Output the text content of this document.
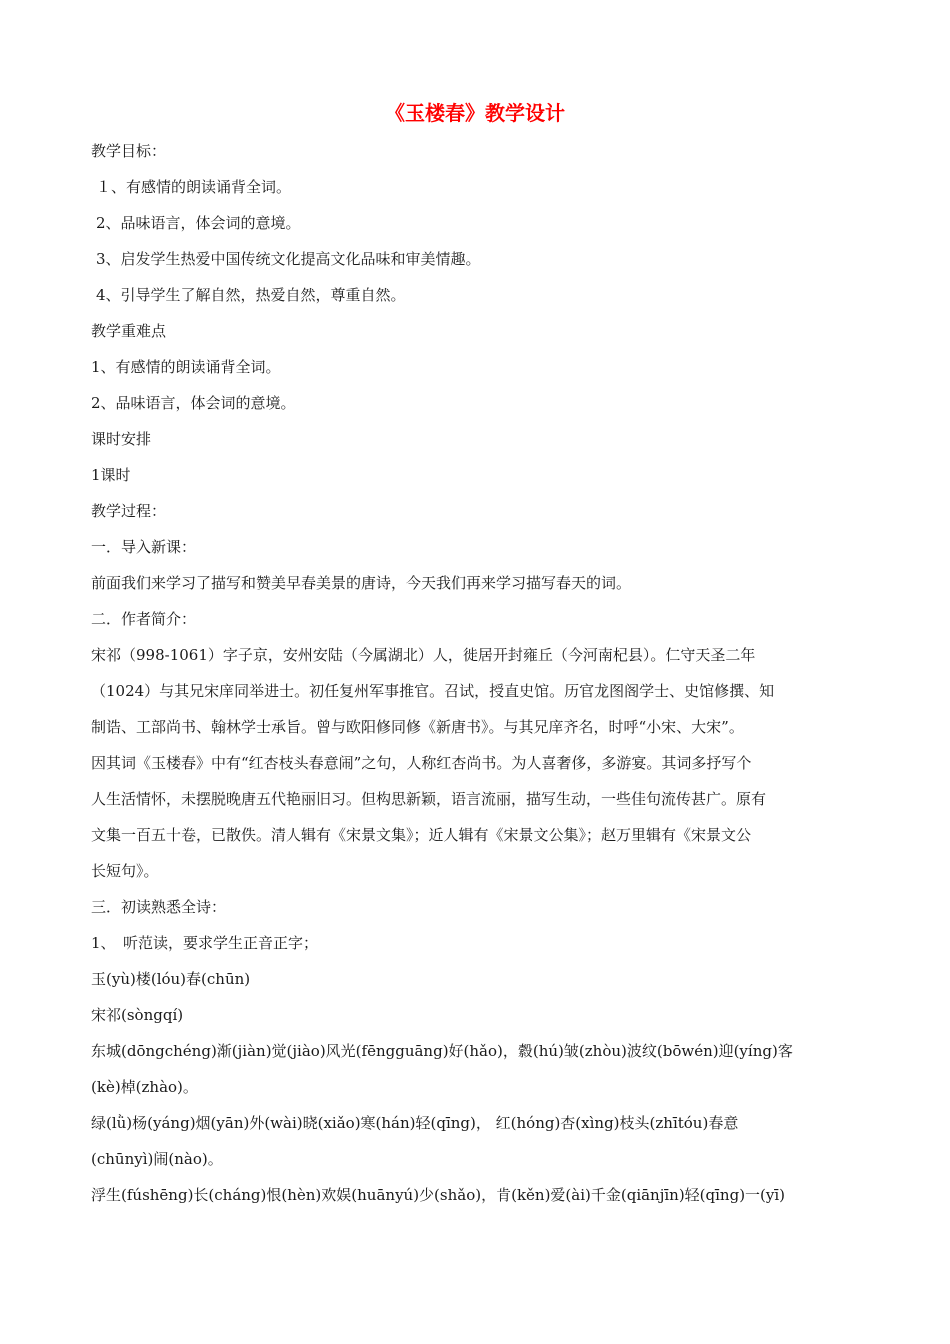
《玉楼春》教学设计
教学目标：
１、有感情的朗读诵背全词。
2、品味语言，体会词的意境。
3、启发学生热爱中国传统文化提高文化品味和审美情趣。
4、引导学生了解自然，热爱自然，尊重自然。
教学重难点
1、有感情的朗读诵背全词。
2、品味语言，体会词的意境。
课时安排
1课时
教学过程：
一．导入新课：
前面我们来学习了描写和赞美早春美景的唐诗，今天我们再来学习描写春天的词。
二．作者简介：
宋祁（998-1061）字子京，安州安陆（今属湖北）人，徙居开封雍丘（今河南杞县）。仁守天圣二年
（1024）与其兄宋庠同举进士。初任复州军事推官。召试，授直史馆。历官龙图阁学士、史馆修撰、知
制诰、工部尚书、翰林学士承旨。曾与欧阳修同修《新唐书》。与其兄庠齐名，时呼“小宋、大宋”。
因其词《玉楼春》中有“红杏枝头春意闹”之句，人称红杏尚书。为人喜奢侈，多游宴。其词多抒写个
人生活情怀，未摆脱晚唐五代艳丽旧习。但构思新颖，语言流丽，描写生动，一些佳句流传甚广。原有
文集一百五十卷，已散佚。清人辑有《宋景文集》；近人辑有《宋景文公集》；赵万里辑有《宋景文公
长短句》。
三．初读熟悉全诗：
1、　听范读，要求学生正音正字；
玉(yù)楼(lóu)春(chūn)
宋祁(sòngqí)
东城(dōngchéng)渐(jiàn)觉(jiào)风光(fēngguāng)好(hǎo)，縠(hú)皱(zhòu)波纹(bōwén)迎(yíng)客
(kè)棹(zhào)。
绿(lǜ)杨(yáng)烟(yān)外(wài)晓(xiǎo)寒(hán)轻(qīng)， 红(hóng)杏(xìng)枝头(zhītóu)春意
(chūnyì)闹(nào)。
浮生(fúshēng)长(cháng)恨(hèn)欢娱(huānyú)少(shǎo)，肯(kěn)爱(ài)千金(qiānjīn)轻(qīng)一(yī)
